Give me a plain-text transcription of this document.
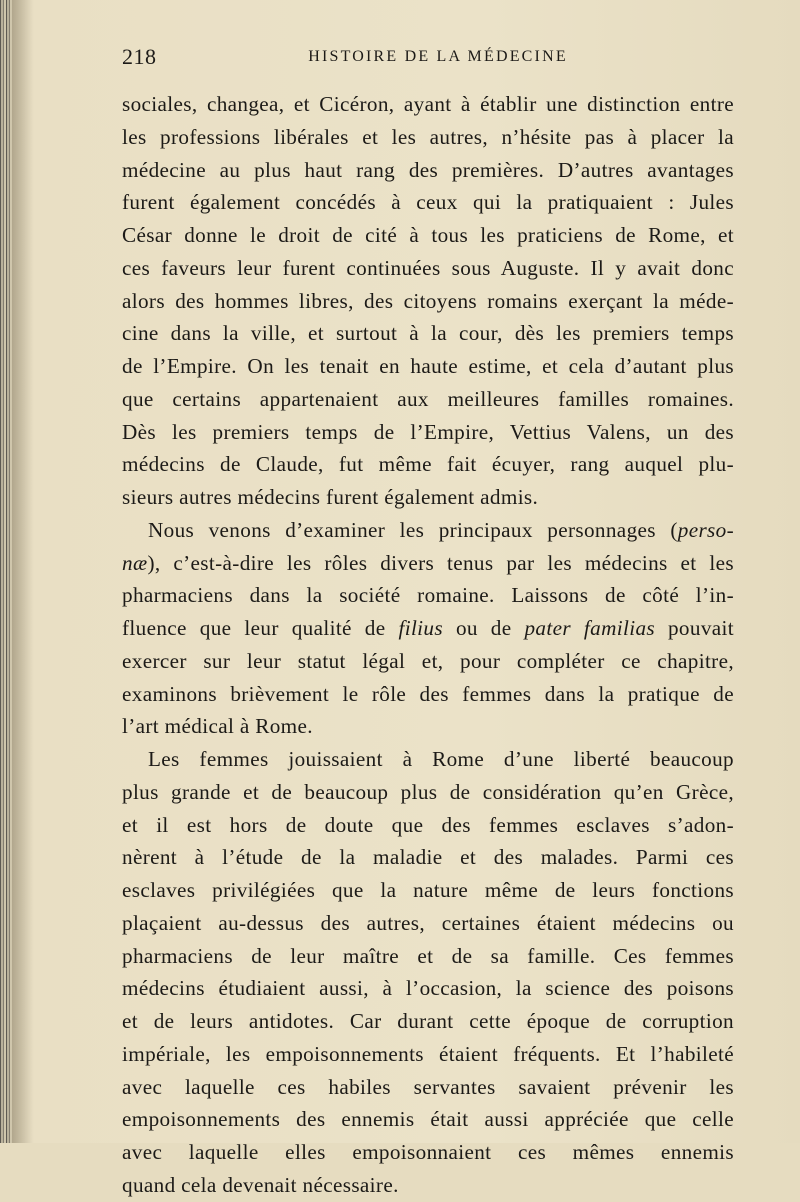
218	HISTOIRE DE LA MÉDECINE
sociales, changea, et Cicéron, ayant à établir une distinction entre
les professions libérales et les autres, n’hésite pas à placer la
médecine au plus haut rang des premières. D’autres avantages
furent également concédés à ceux qui la pratiquaient : Jules
César donne le droit de cité à tous les praticiens de Rome, et
ces faveurs leur furent continuées sous Auguste. Il y avait donc
alors des hommes libres, des citoyens romains exerçant la méde-
cine dans la ville, et surtout à la cour, dès les premiers temps
de l’Empire. On les tenait en haute estime, et cela d’autant plus
que certains appartenaient aux meilleures familles romaines.
Dès les premiers temps de l’Empire, Vettius Valens, un des
médecins de Claude, fut même fait écuyer, rang auquel plu-
sieurs autres médecins furent également admis.
Nous venons d’examiner les principaux personnages (perso-
næ), c’est-à-dire les rôles divers tenus par les médecins et les
pharmaciens dans la société romaine. Laissons de côté l’in-
fluence que leur qualité de filius ou de pater familias pouvait
exercer sur leur statut légal et, pour compléter ce chapitre,
examinons brièvement le rôle des femmes dans la pratique de
l’art médical à Rome.
Les femmes jouissaient à Rome d’une liberté beaucoup
plus grande et de beaucoup plus de considération qu’en Grèce,
et il est hors de doute que des femmes esclaves s’adon-
nèrent à l’étude de la maladie et des malades. Parmi ces
esclaves privilégiées que la nature même de leurs fonctions
plaçaient au-dessus des autres, certaines étaient médecins ou
pharmaciens de leur maître et de sa famille. Ces femmes
médecins étudiaient aussi, à l’occasion, la science des poisons
et de leurs antidotes. Car durant cette époque de corruption
impériale, les empoisonnements étaient fréquents. Et l’habileté
avec laquelle ces habiles servantes savaient prévenir les
empoisonnements des ennemis était aussi appréciée que celle
avec laquelle elles empoisonnaient ces mêmes ennemis
quand cela devenait nécessaire.
